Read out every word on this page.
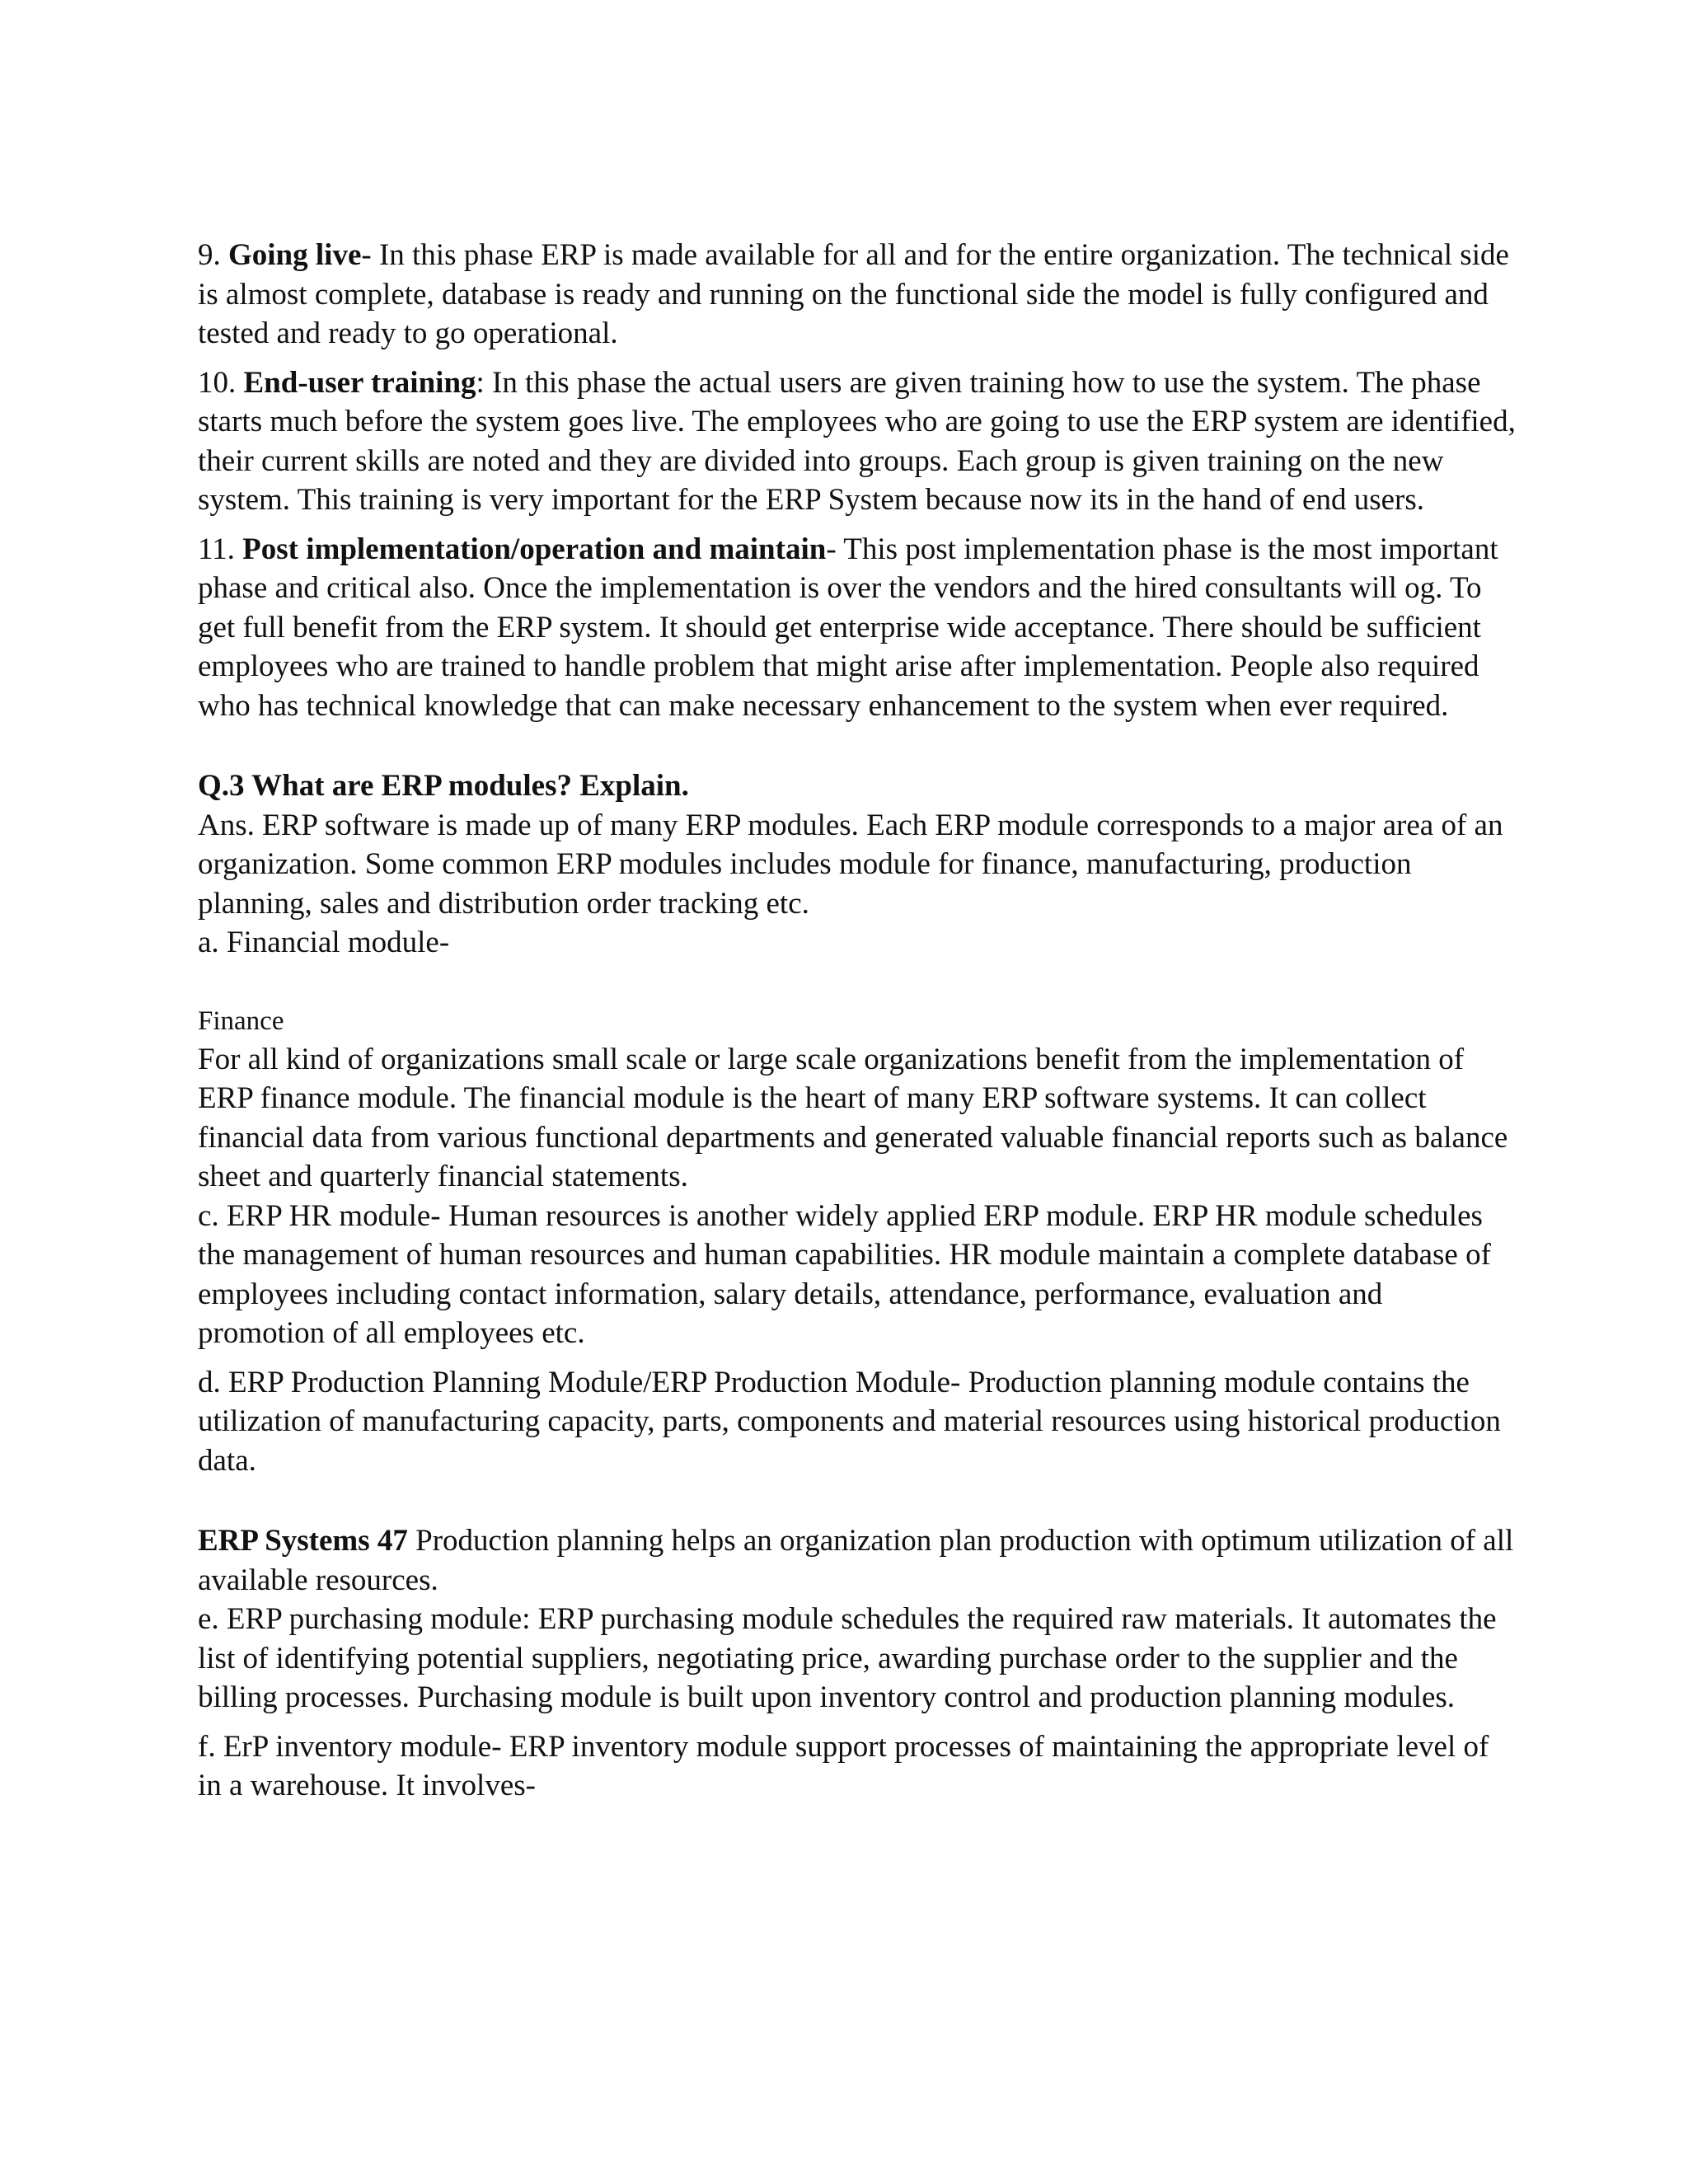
9. Going live- In this phase ERP is made available for all and for the entire organization. The technical side is almost complete, database is ready and running on the functional side the model is fully configured and tested and ready to go operational.

10. End-user training: In this phase the actual users are given training how to use the system. The phase starts much before the system goes live. The employees who are going to use the ERP system are identified, their current skills are noted and they are divided into groups. Each group is given training on the new system. This training is very important for the ERP System because now its in the hand of end users.

11. Post implementation/operation and maintain- This post implementation phase is the most important phase and critical also. Once the implementation is over the vendors and the hired consultants will og. To get full benefit from the ERP system. It should get enterprise wide acceptance. There should be sufficient employees who are trained to handle problem that might arise after implementation. People also required who has technical knowledge that can make necessary enhancement to the system when ever required.

Q.3 What are ERP modules? Explain.

Ans. ERP software is made up of many ERP modules. Each ERP module corresponds to a major area of an organization. Some common ERP modules includes module for finance, manufacturing, production planning, sales and distribution order tracking etc.

a. Financial module-

Finance

For all kind of organizations small scale or large scale organizations benefit from the implementation of ERP finance module. The financial module is the heart of many ERP software systems. It can collect financial data from various functional departments and generated valuable financial reports such as balance sheet and quarterly financial statements.

c. ERP HR module- Human resources is another widely applied ERP module. ERP HR module schedules the management of human resources and human capabilities. HR module maintain a complete database of employees including contact information, salary details, attendance, performance, evaluation and promotion of all employees etc.

d. ERP Production Planning Module/ERP Production Module- Production planning module contains the utilization of manufacturing capacity, parts, components and material resources using historical production data.

ERP Systems 47 Production planning helps an organization plan production with optimum utilization of all available resources.

e. ERP purchasing module: ERP purchasing module schedules the required raw materials. It automates the list of identifying potential suppliers, negotiating price, awarding purchase order to the supplier and the billing processes. Purchasing module is built upon inventory control and production planning modules.

f. ErP inventory module- ERP inventory module support processes of maintaining the appropriate level of in a warehouse. It involves-
